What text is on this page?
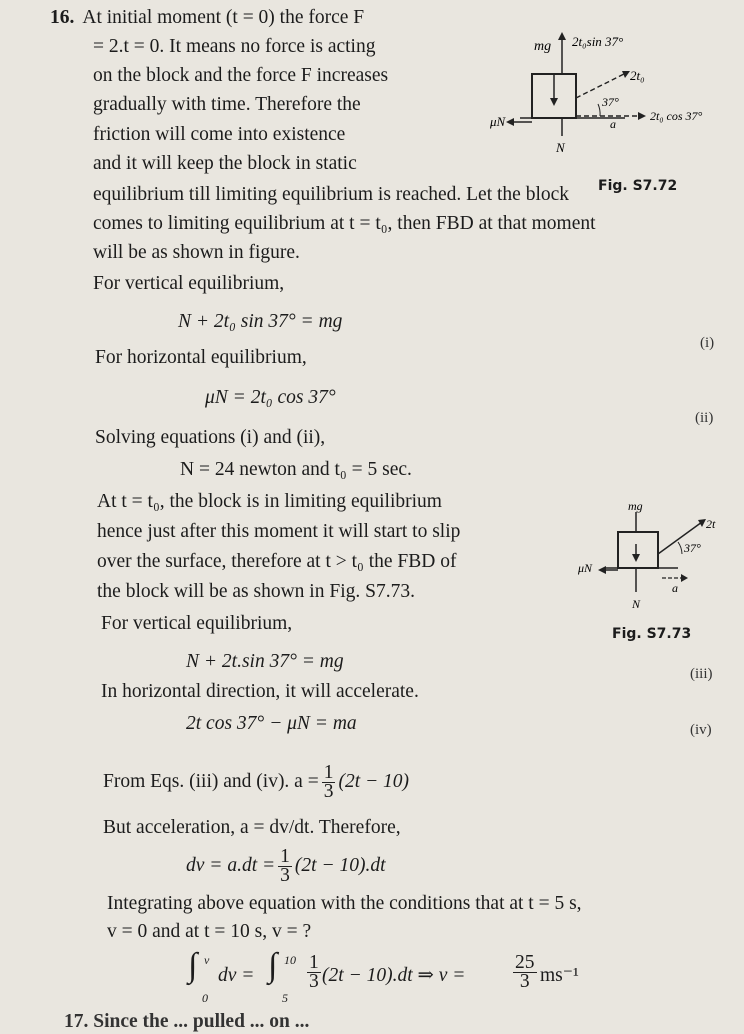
16. At initial moment (t = 0) the force F
= 2.t = 0. It means no force is acting
on the block and the force F increases
gradually with time. Therefore the
friction will come into existence
and it will keep the block in static
equilibrium till limiting equilibrium is reached. Let the block
comes to limiting equilibrium at t = t₀, then FBD at that moment
will be as shown in figure.
mg 2t₀sin 37°
2t₀
37°
a
2t₀ cos 37°
μN
N
Fig. S7.72
For vertical equilibrium,
N + 2t₀ sin 37° = mg
(i)
For horizontal equilibrium,
μN = 2t₀ cos 37°
(ii)
Solving equations (i) and (ii),
N = 24 newton and t₀ = 5 sec.
At t = t₀, the block is in limiting equilibrium
hence just after this moment it will start to slip
over the surface, therefore at t > t₀ the FBD of
the block will be as shown in Fig. S7.73.
mg
2t
37°
a
μN
N
Fig. S7.73
For vertical equilibrium,
N + 2t.sin 37° = mg
(iii)
In horizontal direction, it will accelerate.
2t cos 37° − μN = ma	(iv)
From Eqs. (iii) and (iv). $a = \frac{1}{3} (2t - 10)$
But acceleration, a = dv/dt. Therefore,
dv = $a.dt = \frac{1}{3} (2t - 10).dt$
Integrating above equation with the conditions that at t = 5 s,
v = 0 and at t = 10 s, v = ?
∫ v
0
dv = ∫ 10
5
$\frac{1}{3} (2t - 10).dt$ ⇒ $v = \frac{25}{3} ms^{-1}$
17. Since the ... pulled ... on ...
